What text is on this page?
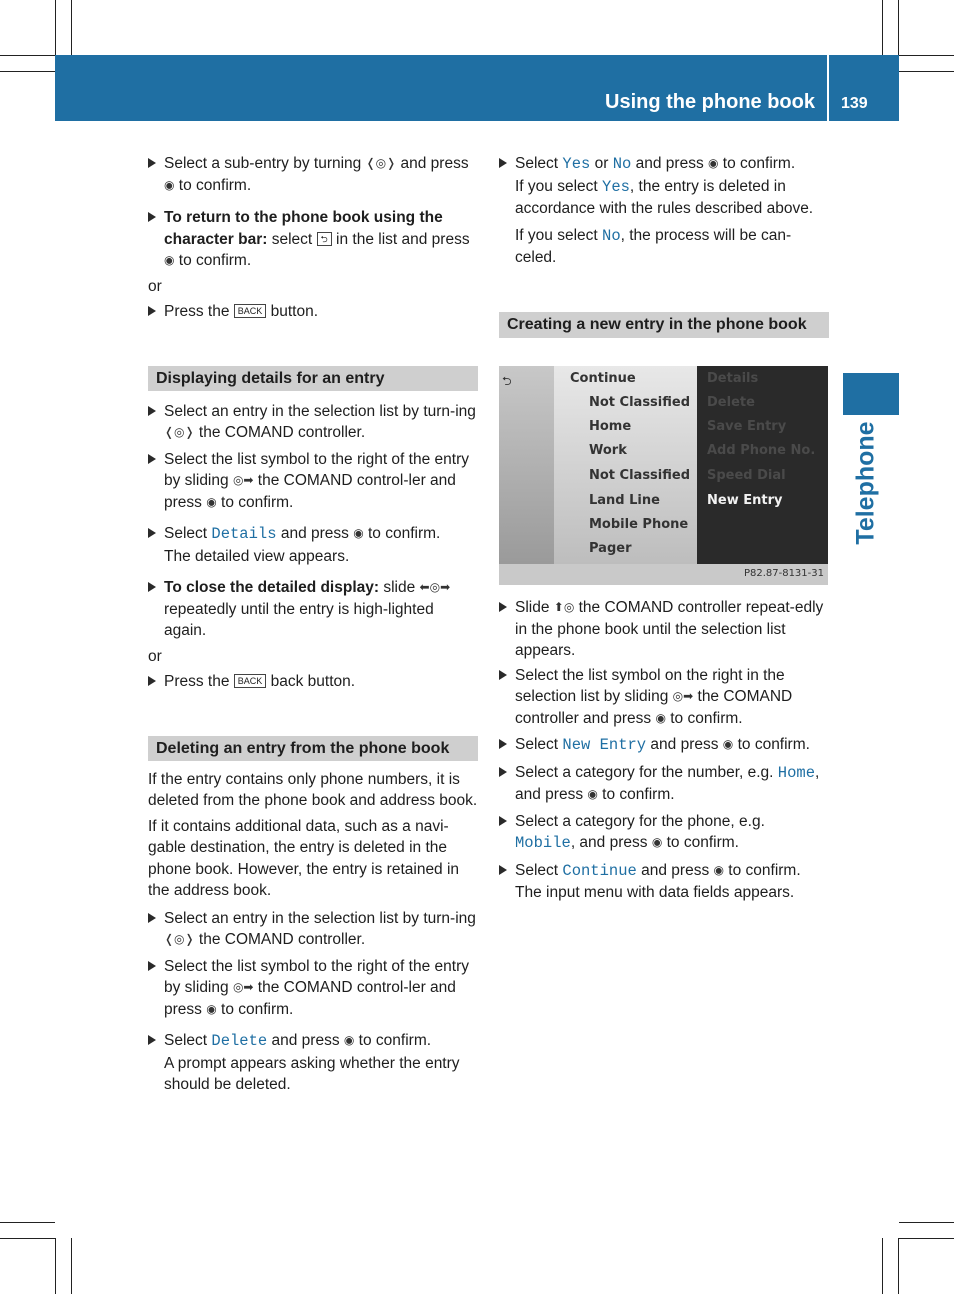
Using the phone book 139
Telephone

Select a sub-entry by turning ❬◎❭ and press ◉ to confirm.

To return to the phone book using the character bar: select ⮌ in the list and press ◉ to confirm.

or

Press the BACK button.

Displaying details for an entry

Select an entry in the selection list by turn-ing ❬◎❭ the COMAND controller.

Select the list symbol to the right of the entry by sliding ◎➡ the COMAND control-ler and press ◉ to confirm.

Select Details and press ◉ to confirm.
The detailed view appears.

To close the detailed display: slide ⬅◎➡ repeatedly until the entry is high-lighted again.

or

Press the BACK back button.

Deleting an entry from the phone book

If the entry contains only phone numbers, it is deleted from the phone book and address book.

If it contains additional data, such as a navi-gable destination, the entry is deleted in the phone book. However, the entry is retained in the address book.

Select an entry in the selection list by turn-ing ❬◎❭ the COMAND controller.

Select the list symbol to the right of the entry by sliding ◎➡ the COMAND control-ler and press ◉ to confirm.

Select Delete and press ◉ to confirm.
A prompt appears asking whether the entry should be deleted.

Select Yes or No and press ◉ to confirm.
If you select Yes, the entry is deleted in accordance with the rules described above.

If you select No, the process will be can-celed.

Creating a new entry in the phone book
⮌	Continue
Not Classified
Home
Work
Not Classified
Land Line
Mobile Phone
Pager
Details
Delete
Save Entry
Add Phone No.
Speed Dial
New Entry
P82.87-8131-31

Slide ⬆◎ the COMAND controller repeat-edly in the phone book until the selection list appears.

Select the list symbol on the right in the selection list by sliding ◎➡ the COMAND controller and press ◉ to confirm.

Select New Entry and press ◉ to confirm.

Select a category for the number, e.g. Home, and press ◉ to confirm.

Select a category for the phone, e.g. Mobile, and press ◉ to confirm.

Select Continue and press ◉ to confirm.
The input menu with data fields appears.
